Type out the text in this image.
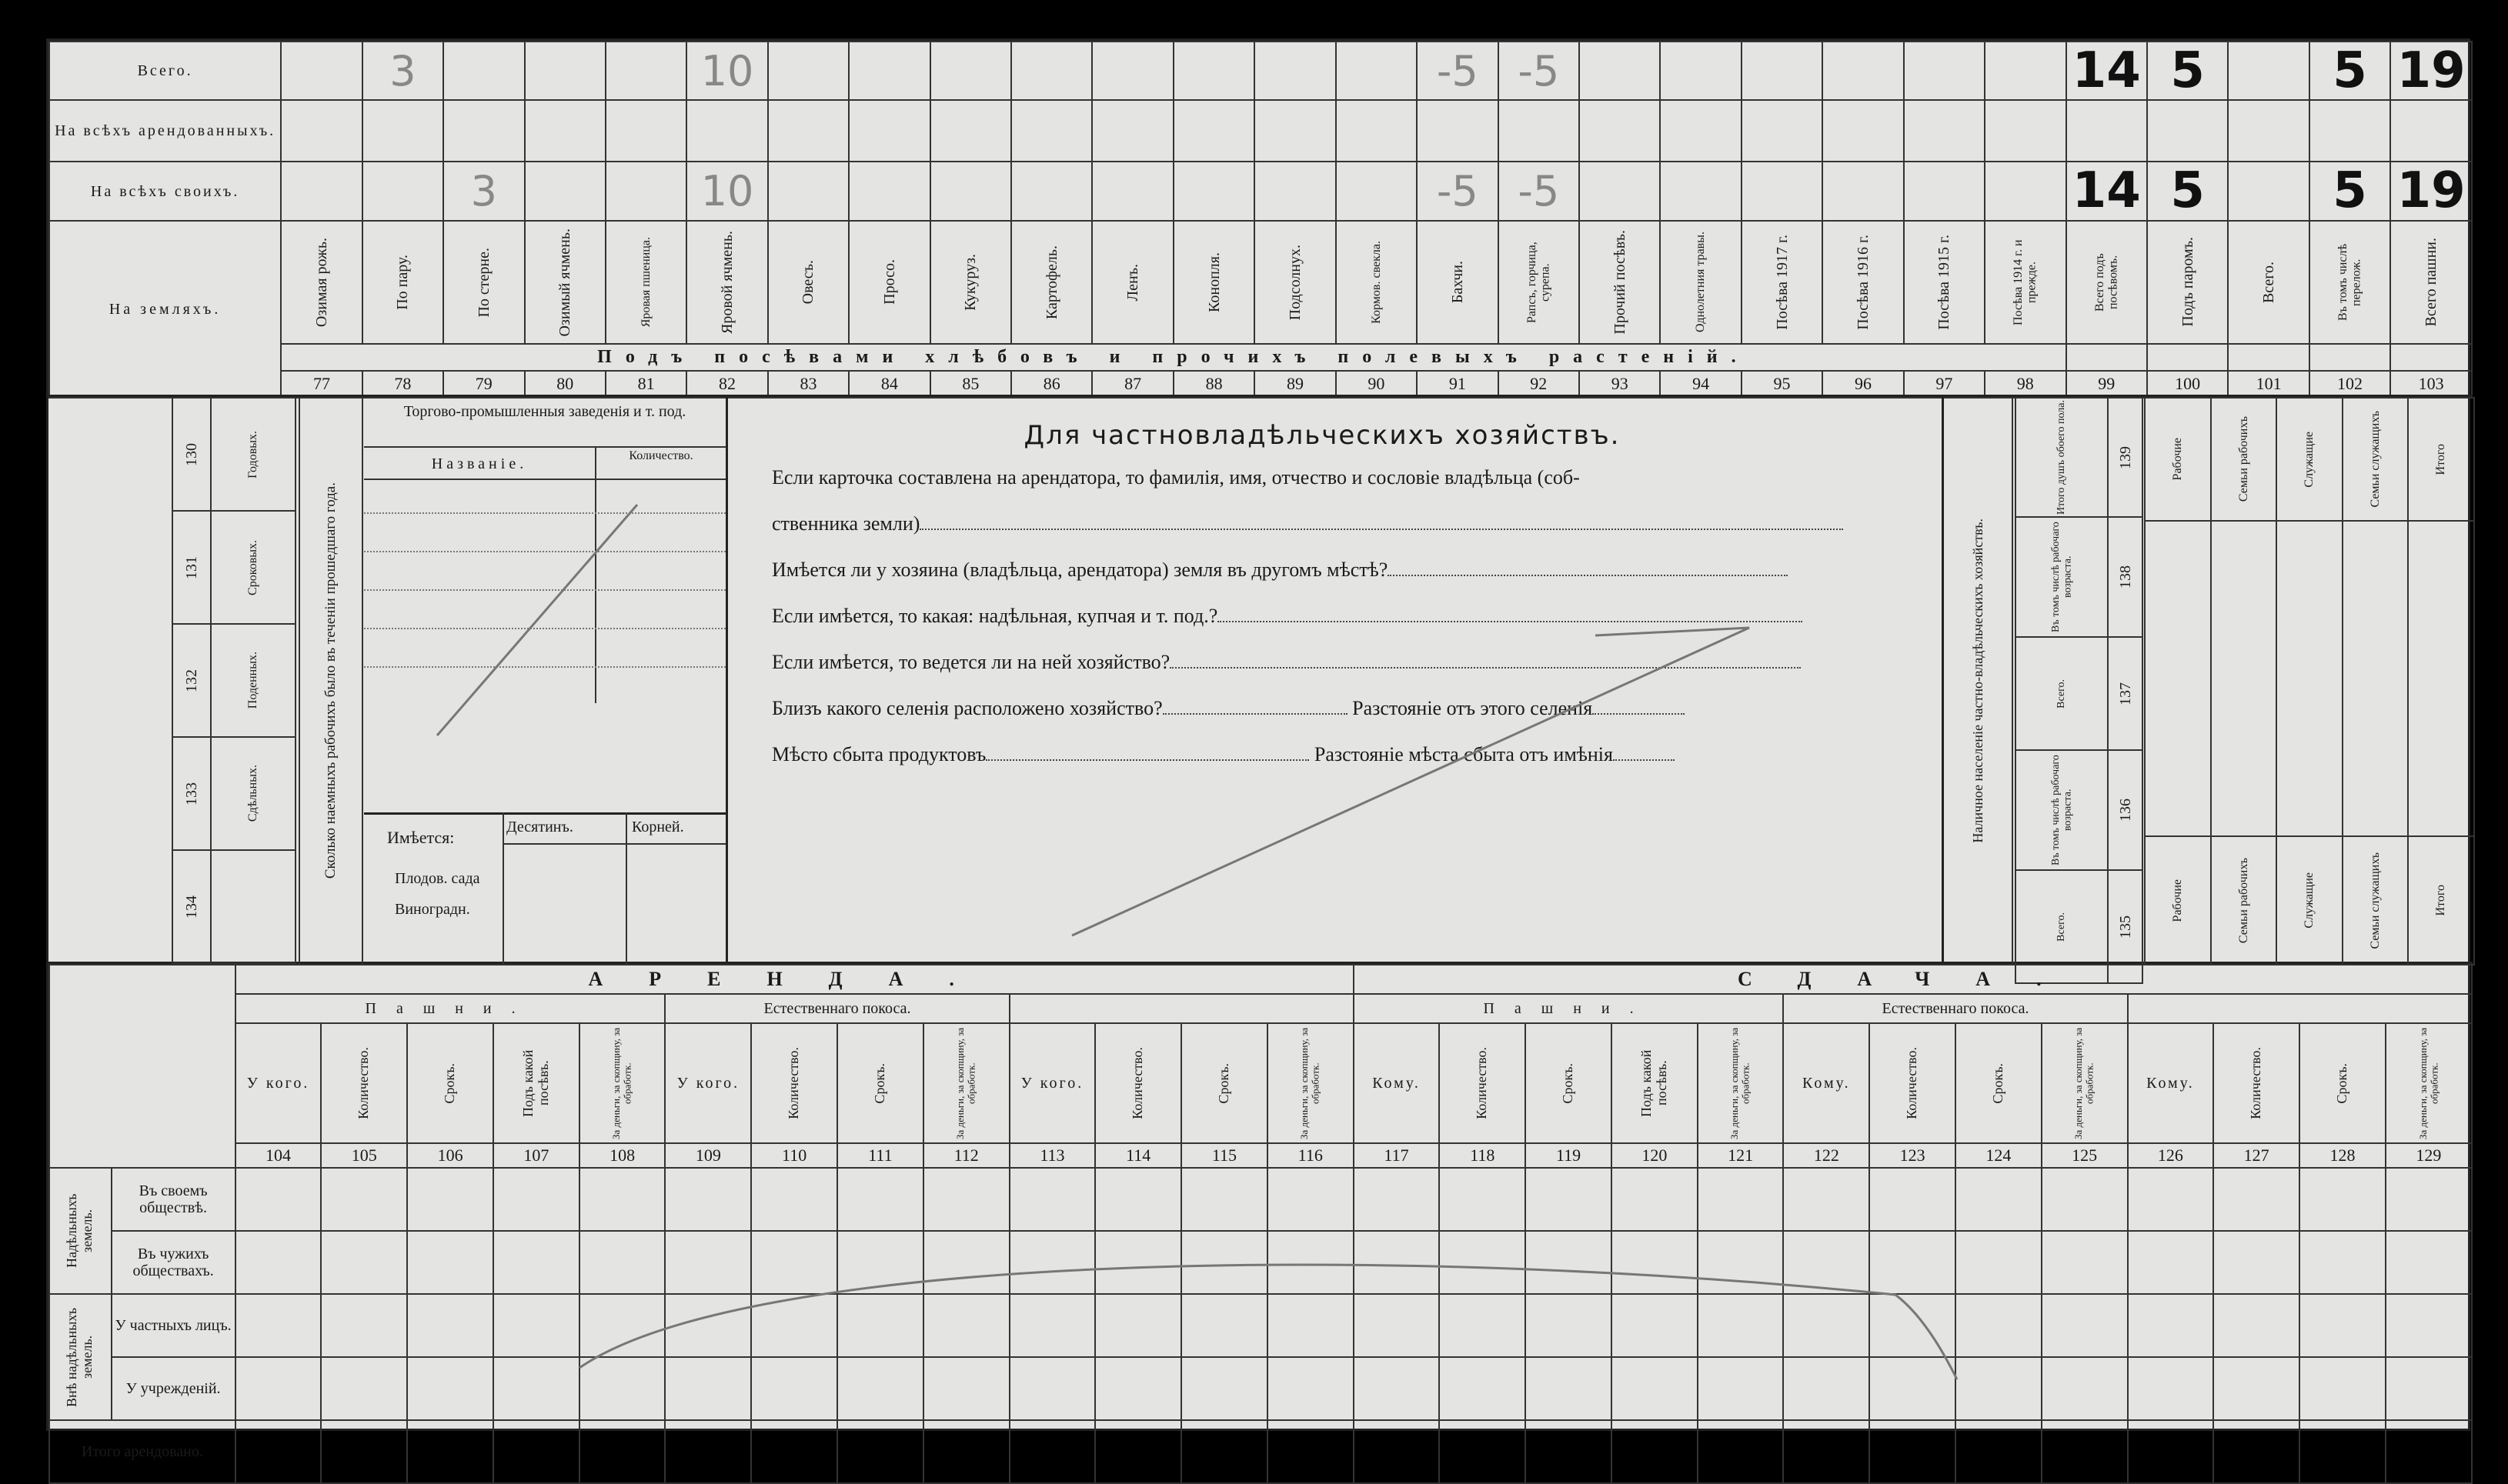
Всего.		3				10									-5	-5							14	5		5	19
На всѣхъ арендованныхъ.																											
На всѣхъ своихъ.			3			10									-5	-5							14	5		5	19
На земляхъ.	Озимая рожь.	По пару.	По стерне.	Озимый ячмень.	Яровая пшеница.	Яровой ячмень.	Овесъ.	Просо.	Кукуруз.	Картофель.	Ленъ.	Конопля.	Подсолнух.	Кормов. свекла.	Бахчи.	Рапсъ, горчица, сурепа.	Прочий посѣвъ.	Однолетния травы.	Посѣва 1917 г.	Посѣва 1916 г.	Посѣва 1915 г.	Посѣва 1914 г. и прежде.	Всего подъ посѣвомъ.	Подъ паромъ.	Всего.	Въ томъ числѣ перелож.	Всего пашни.

	Подъ посѣвами хлѣбовъ и прочихъ полевыхъ растеній.																										
	77	78	79	80	81	82	83	84	85	86	87	88	89	90	91	92	93	94	95	96	97	98	99	100	101	102	103
130	Годовых.

131	Сроковых.

132	Поденных.

133	Сдѣльных.

134	

Сколько наемныхъ рабочихъ было въ теченіи прошедшаго года.
Торгово-промышленныя заведенія и т. под.
Названіе.	Количество.
Имѣется:
Десятинъ.	Корней.
Плодов. сада
Виноградн.
Для частновладѣльческихъ хозяйствъ.
Если карточка составлена на арендатора, то фамилія, имя, отчество и сословіе владѣльца (соб-
ственника земли)
Имѣется ли у хозяина (владѣльца, арендатора) земля въ другомъ мѣстѣ?
Если имѣется, то какая: надѣльная, купчая и т. под.?
Если имѣется, то ведется ли на ней хозяйство?
Близъ какого селенія расположено хозяйство?	Разстояніе отъ этого селенія
Мѣсто сбыта продуктовъ	Разстояніе мѣста сбыта отъ имѣнія	Наличное населеніе частно-владѣльческихъ хозяйствъ.
Итого душъ обоего пола.	139

Въ томъ числѣ рабочаго возраста.	138

Всего.	137

Въ томъ числѣ рабочаго возраста.	136

Всего.	135
Рабочие	Семьи рабочихъ	Служащие	Семьи служащихъ	Итого

Рабочие	Семьи рабочихъ	Служащие	Семьи служащихъ	Итого
		АРЕНДА.													СДАЧА.												
		Пашни.					Естественнаго покоса.								Пашни.					Естественнаго покоса.							
		У кого.	Количество.	Срокъ.	Подъ какой посѣвъ.	За деньги, за скопщину, за обработк.	У кого.	Количество.	Срокъ.	За деньги, за скопщину, за обработк.	У кого.	Количество.	Срокъ.	За деньги, за скопщину, за обработк.	Кому.	Количество.	Срокъ.	Подъ какой посѣвъ.	За деньги, за скопщину, за обработк.	Кому.	Количество.	Срокъ.	За деньги, за скопщину, за обработк.	Кому.	Количество.	Срокъ.	За деньги, за скопщину, за обработк.

		104	105	106	107	108	109	110	111	112	113	114	115	116	117	118	119	120	121	122	123	124	125	126	127	128	129

Надѣльныхъ земель.	Въ своемъ обществѣ.																										
	Въ чужихъ обществахъ.																										

Внѣ надѣльныхъ земель.	У частныхъ лицъ.																										
	У учрежденій.																										
Итого арендовано.																											
